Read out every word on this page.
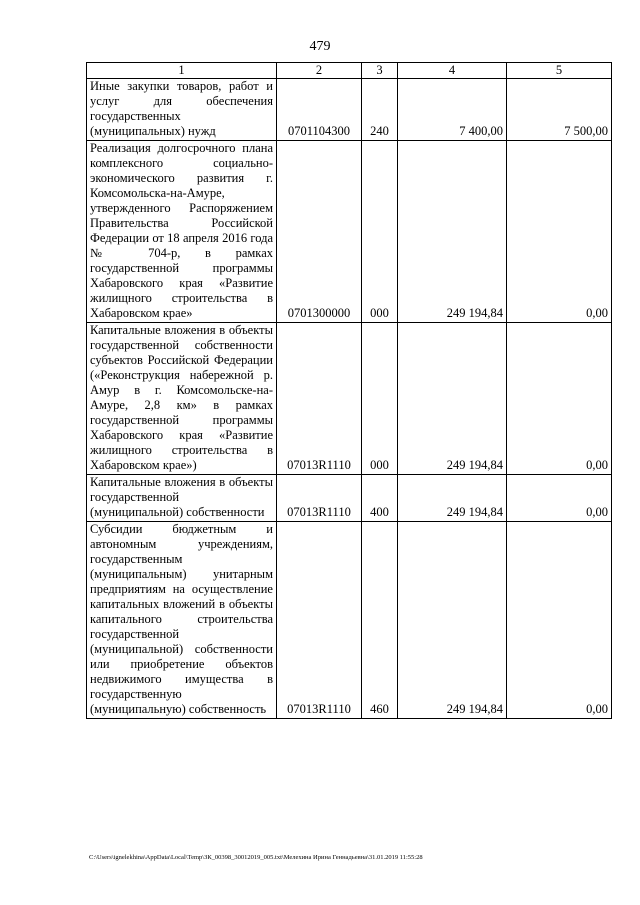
479
1	2	3	4	5
Иные закупки товаров, работ и услуг для обеспечения государственных (муниципальных) нужд	0701104300	240	7 400,00	7 500,00
Реализация долгосрочного плана комплексного социально-экономического развития г. Комсомольска-на-Амуре, утвержденного Распоряжением Правительства Российской Федерации от 18 апреля 2016 года № 704-р, в рамках государственной программы Хабаровского края «Развитие жилищного строительства в Хабаровском крае»	0701300000	000	249 194,84	0,00
Капитальные вложения в объекты государственной собственности субъектов Российской Федерации («Реконструкция набережной р. Амур в г. Комсомольске-на-Амуре, 2,8 км» в рамках государственной программы Хабаровского края «Развитие жилищного строительства в Хабаровском крае»)	07013R1110	000	249 194,84	0,00
Капитальные вложения в объекты государственной (муниципальной) собственности	07013R1110	400	249 194,84	0,00
Субсидии бюджетным и автономным учреждениям, государственным (муниципальным) унитарным предприятиям на осуществление капитальных вложений в объекты капитального строительства государственной (муниципальной) собственности или приобретение объектов недвижимого имущества в государственную (муниципальную) собственность	07013R1110	460	249 194,84	0,00
C:\Users\ignelekhina\AppData\Local\Temp\ЗК_00398_30012019_005.txt\Мелехина Ирина Геннадьевна\31.01.2019 11:55:28
